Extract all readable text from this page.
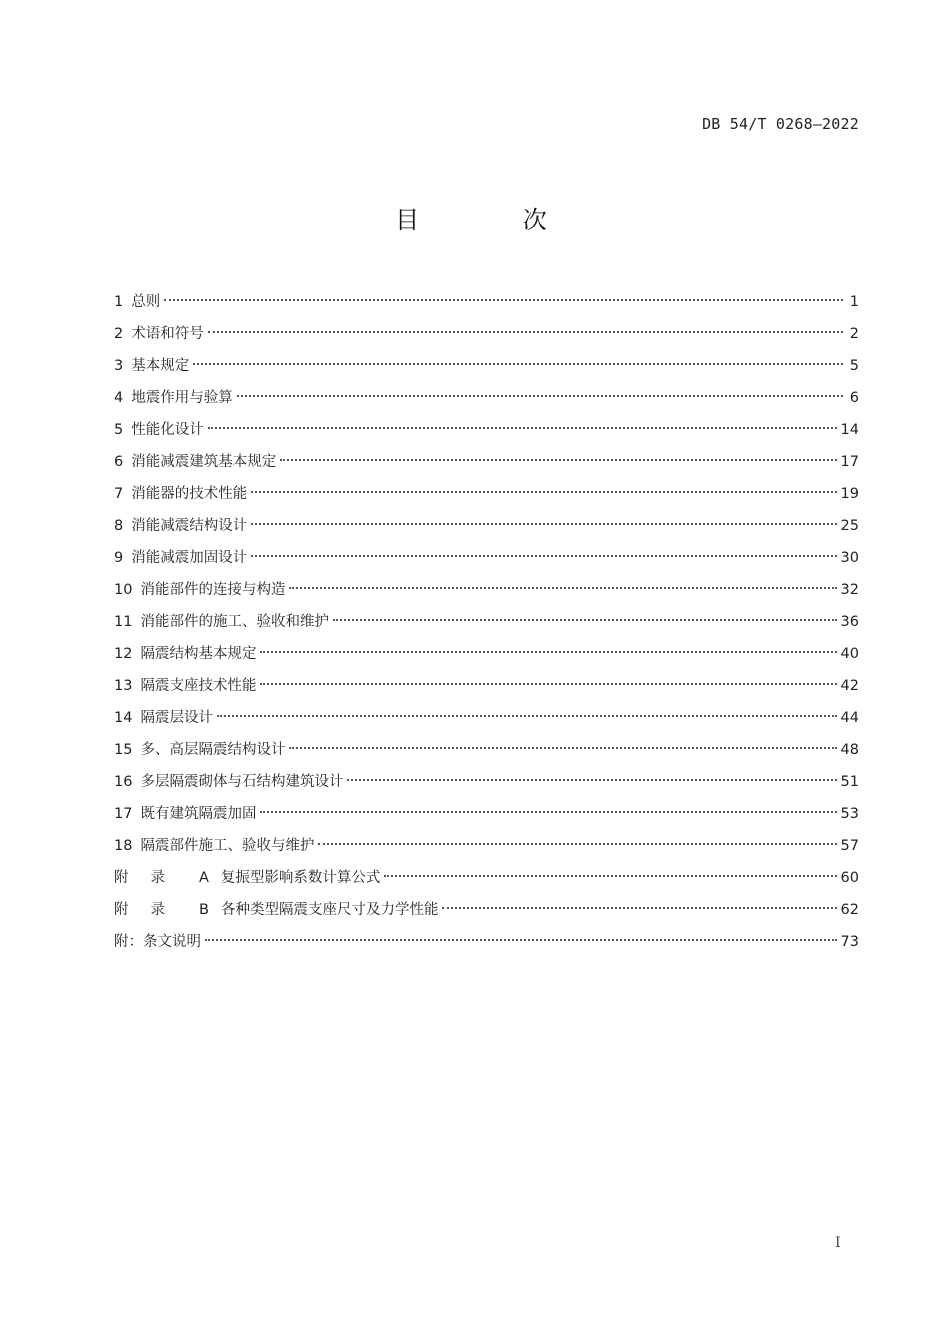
DB 54/T 0268—2022
目 次
1 总则	1
2 术语和符号	2
3 基本规定	5
4 地震作用与验算	6
5 性能化设计	14
6 消能减震建筑基本规定	17
7 消能器的技术性能	19
8 消能减震结构设计	25
9 消能减震加固设计	30
10 消能部件的连接与构造	32
11 消能部件的施工、验收和维护	36
12 隔震结构基本规定	40
13 隔震支座技术性能	42
14 隔震层设计	44
15 多、高层隔震结构设计	48
16 多层隔震砌体与石结构建筑设计	51
17 既有建筑隔震加固	53
18 隔震部件施工、验收与维护	57
附录 A 复振型影响系数计算公式	60
附录 B 各种类型隔震支座尺寸及力学性能	62
附：条文说明	73
I
